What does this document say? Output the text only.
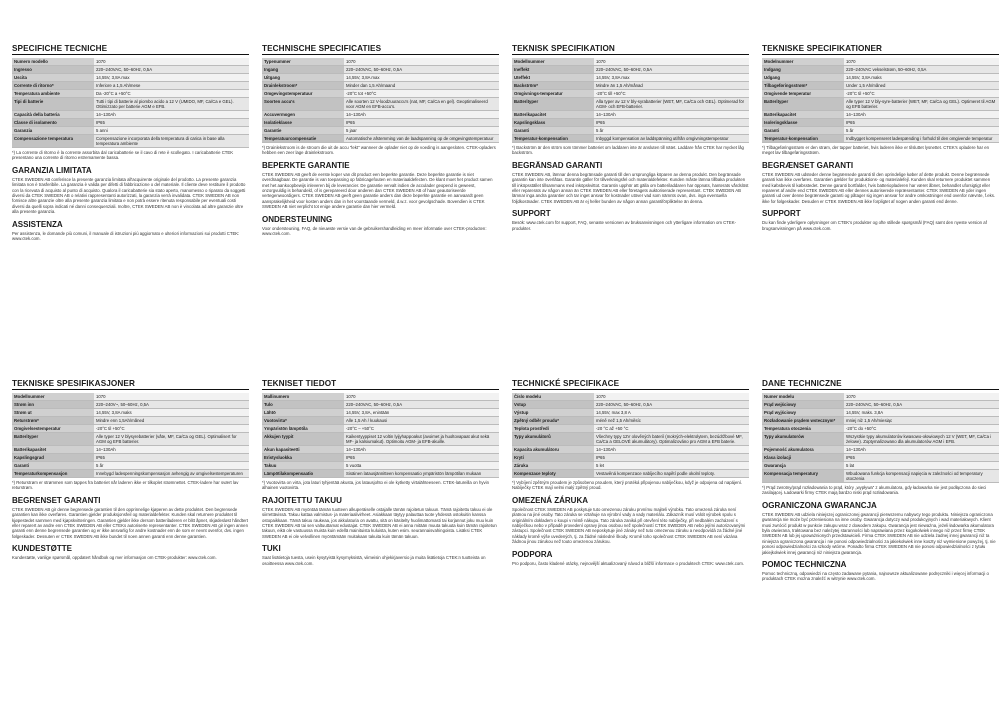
SPECIFICHE TECNICHE
Numero modello	1070
Ingresso	220–240VAC, 50–60Hz, 0,5A
Uscita	14,55V, 3,8A max
Corrente di ritorno*	Inferiore a 1,5 Ah/mese
Temperatura ambiente	Da -20°C a +50°C
Tipi di batterie	Tutti i tipi di batterie al piombo acido a 12 V (UMIDO, MF, Ca/Ca e GEL). Ottimizzato per batterie AGM e EFB.
Capacità della batteria	14–130Ah
Classe di isolamento	IP65
Garanzia	5 anni
Compensazione temperatura	Compensazione incorporata della temperatura di carica in base alla temperatura ambiente

*) La corrente di ritorno è la corrente assorbita dal caricabatterie se il cavo di rete è scollegato. I caricabatterie CTEK presentano una corrente di ritorno estremamente bassa.

GARANZIA LIMITATA

CTEK SWEDEN AB conferisce la presente garanzia limitata all'acquirente originale del prodotto. La presente garanzia limitata non è trasferibile. La garanzia è valida per difetti di fabbricazione o del materiale. Il cliente deve restituire il prodotto con la ricevuta di acquisto al punto di acquisto. Qualora il caricabatterie sia stato aperto, manomesso o riparato da soggetti diversi da CTEK SWEDEN AB o relativi rappresentanti autorizzati, la garanzia verrà invalidata. CTEK SWEDEN AB non fornisce altre garanzie oltre alla presente garanzia limitata e non potrà essere ritenuta responsabile per eventuali costi diversi da quelli sopra indicati né danni consequenziali. Inoltre, CTEK SWEDEN AB non è vincolata ad altre garanzie oltre alla presente garanzia.

ASSISTENZA

Per assistenza, le domande più comuni, il manuale di istruzioni più aggiornato e ulteriori informazioni sui prodotti CTEK: www.ctek.com.

TECHNISCHE SPECIFICATIES
Typenummer	1070
Ingang	220–240VAC, 50–60Hz, 0,5A
Uitgang	14,55V, 3,8A max
Drainlekstroom*	Minder dan 1,5 Ah/maand
Omgevingstemperatuur	-20°C tot +50°C
Soorten accu's	Alle soorten 12 V-loodzuuraccu's (nat, MF, Ca/Ca en gel). Geoptimaliseerd voor AGM en EFB-accu's.
Accuvermogen	14–130Ah
Isolatieklasse	IP65
Garantie	5 jaar
Temperatuurcompensatie	Automatische afstemming van de laadspanning op de omgevingstemperatuur

*) Drainlekstroom is de stroom die uit de accu "lekt" wanneer de oplader niet op de voeding is aangesloten. CTEK-opladers hebben een zeer lage drainlekstroom.

BEPERKTE GARANTIE

CTEK SWEDEN AB geeft de eerste koper van dit product een beperkte garantie. Deze beperkte garantie is niet overdraagbaar. De garantie is van toepassing op fabricagefouten en materiaaldefecten. De klant moet het product samen met het aankoopbewijs inleveren bij de leverancier. De garantie vervalt indien de acculader geopend is geweest, onzorgvuldig is behandeld, of is gerepareerd door anderen dan CTEK SWEDEN AB of haar geautoriseerde vertegenwoordigers. CTEK SWEDEN AB geeft geen garantie anders dan deze beperkte garantie en aanvaardt geen aansprakelijkheid voor kosten anders dan in het voorstaande vermeld, d.w.z. voor gevolgschade. Bovendien is CTEK SWEDEN AB niet verplicht tot enige andere garantie dan hier vermeld.

ONDERSTEUNING

Voor ondersteuning, FAQ, de nieuwste versie van de gebruikershandleiding en meer informatie over CTEK-producten: www.ctek.com.

TEKNISK SPECIFIKATION
Modellnummer	1070
Ineffekt	220–240VAC, 50–60Hz, 0,5A
Uteffekt	14,55V, 3,8A max
Backström*	Mindre än 1,5 Ah/månad
Omgivnings-temperatur	-20°C till +50°C
Batterityper	Alla typer av 12 V bly-syrabatterier (WET, MF, Ca/Ca och GEL). Optimerad för AGM- och EFB-batterier.
Batterikapacitet	14–130Ah
Kapslingsklass	IP65
Garanti	5 år
Temperatur-kompensation	Inbyggd kompensation av laddspänning utifrån omgivningstemperatur

*) Backström är den ström som tömmer batteriet om laddaren inte är ansluten till nätet. Laddare från CTEK har mycket låg backström.

BEGRÄNSAD GARANTI

CTEK SWEDEN AB, lämnar denna begränsade garanti till den ursprungliga köparen av denna produkt. Den begränsade garantin kan inte överlåtas. Garantin gäller för tillverkningsfel och materialdefekter. Kunden måste lämna tillbaka produkten till inköpsstället tillsammans med inköpskvittot. Garantin upphör att gälla om batteriladdaren har öppnats, hanterats vårdslöst eller reparerats av någon annan än CTEK SWEDEN AB eller företagets auktoriserade representant. CTEK SWEDEN AB lämnar inga andra garantier och tar inget ansvar för kostnader utöver vad som nämnts ovan, dvs. inga eventuella följdkostnader. CTEK SWEDEN AB är ej heller bunden av någon annan garantiförpliktelse än denna.

SUPPORT

Besök: www.ctek.com för support, FAQ, senaste versionen av bruksanvisningen och ytterligare information om CTEK-produkter.

TEKNISKE SPECIFIKATIONER
Modelnummer	1070
Indgang	220–240VAC vekselstrøm, 50–60Hz, 0,5A
Udgang	14,55V, 3,8A maks
Tilbageføringsstrøm*	Under 1,5 Ah/måned
Omgivende temperatur	-20°C til +50°C
Batterityper	Alle typer 12 V bly-syre-batterier (WET, MF, Ca/Ca og GEL). Optimeret til AGM og EFB batterier.
Batterikapacitet	14–130Ah
Isoleringsklasse	IP65
Garanti	5 år
Temperatur-kompensation	Indbygget kompenseret ladespænding i forhold til den omgivende temperatur

*) Tilbageføringsstrøm er den strøm, der tapper batteriet, hvis laderen ikke er tilsluttet lysnettet. CTEK's opladere har en meget lav tilbageføringsstrøm.

BEGRÆNSET GARANTI

CTEK SWEDEN AB udsteder denne begrænsede garanti til den oprindelige køber af dette produkt. Denne begrænsede garanti kan ikke overføres. Garantien gælder for produktions- og materialefejl. Kunden skal returnere produktet sammen med købsbevis til købsstedet. Denne garanti bortfalder, hvis batteriopladeren har været åbnet, behandlet uforsigtigt eller repareret af andre end CTEK SWEDEN AB eller dennes autoriserede repræsentanter. CTEK SWEDEN AB yder ingen garanti ud over denne begrænsede garanti og påtager sig ingen ansvar for andre omkostninger end ovenfor nævnte, f.eks. ikke for følgeskader. Desuden er CTEK SWEDEN AB ikke forpligtet af nogen anden garanti end denne.

SUPPORT

Du kan finde yderligere oplysninger om CTEK's produkter og ofte stillede spørgsmål (FAQ) samt den nyeste version af brugsanvisningen på www.ctek.com.

TEKNISKE SPESIFIKASJONER
Modellnummer	1070
Strøm inn	220–240V~, 50–60Hz, 0,5A
Strøm ut	14,55V, 3,8A maks
Returstrøm*	Mindre enn 1,5Ah/måned
Omgivelsestemperatur	-20°C til +50°C
Batterityper	Alle typer 12 V blysyrebatterier (våte, MF, Ca/Ca og GEL). Optimalisert for AGM og EFB batterier.
Batterikapasitet	14–130Ah
Kapslingsgrad	IP65
Garanti	5 år
Temperaturkompensasjon	Innebygd ladespenningskompensasjon avhengig av omgivelsestemperaturen

*) Returstrøm er strømmen som tappes fra batteriet når laderen ikke er tilkoplet strømnettet. CTEK-ladere har svært lav returstrøm.

BEGRENSET GARANTI

CTEK SWEDEN AB gir denne begrensede garantien til den opprinnelige kjøperen av dette produktet. Den begrensede garantien kan ikke overføres. Garantien gjelder produksjonsfeil og materialdefekter. Kunden skal returnere produktet til kjøpestedet sammen med kjøpskvitteringen. Garantien gjelder ikke dersom batteriladeren er blitt åpnet, skjødesløst håndtert eller reparert av andre enn CTEK SWEDEN AB eller CTEKs autoriserte representanter. CTEK SWEDEN AB gir ingen annen garanti enn denne begrensede garantien og er ikke ansvarlig for andre kostnader enn de som er nevnt ovenfor, dvs. ingen følgeskader. Dessuten er CTEK SWEDEN AB ikke bundet til noen annen garanti enn denne garantien.

KUNDESTØTTE

Kundestøtte, vanlige spørsmål, oppdatert håndbok og mer informasjon om CTEK-produkter: www.ctek.com.

TEKNISET TIEDOT
Mallinumero	1070
Tulo	220–240VAC, 50–60Hz, 0,5A
Lähtö	14,55V, 3,8A, enintään
Vuotovirta*	Alle 1,5 Ah / kuukausi
Ympäristön lämpötila	-20°C – +50°C
Akkujen tyypit	Kaikentyyppiset 12 voltin lyijyhappoakut (avoimet ja huoltovapaat akut sekä MF- ja kalsiumakut). Optimoitu AGM- ja EFB-akuille.
Akun kapasiteetti	14–130Ah
Eristysluokka	IP65
Takuu	5 vuotta
Lämpötilakompensaatio	Sisäinen latausjännitteen kompensaatio ympäristön lämpötilan mukaan

*) Vuotovirta on virta, jota laturi tyhjentää akusta, jos latausjohto ei ole kytketty virtalähteeseen. CTEK-latureilla on hyvin alhainen vuotovirta.

RAJOITETTU TAKUU

CTEK SWEDEN AB myöntää tämän tuotteen alkuperäiselle ostajalle tämän rajoitetun takuun. Tämä rajoitettu takuu ei ole siirrettävissä. Takuu kattaa valmistus- ja materiaalivirheet. Asiakkaan täytyy palauttaa tuote yhdessä ostokuitin kanssa ostopaikkaan. Tämä takuu raukeaa, jos akkulaturia on avattu, sitä on käsitelty huolimattomasti tai korjannut joku muu kuin CTEK SWEDEN AB tai sen valtuuttamat edustajat. CTEK SWEDEN AB ei anna mitään muuta takuuta kuin tämän rajoitetun takuun, eikä ole vastuussa muista kuin edellä mainituista kuluista, kuten esim. seurannaisvahingoista. Lisäksi CTEK SWEDEN AB ei ole velvollinen myöntämään muitakaan takuita kuin tämän takuun.

TUKI

Saat lisätietoja tuesta, usein kysytyistä kysymyksistä, viimeisin ohjekirjaversio ja muita lisätietoja CTEK:n tuotteista on osoitteessa www.ctek.com.

TECHNICKÉ SPECIFIKACE
Číslo modelu	1070
Vstup	220–240VAC, 50–60Hz, 0,5A
Výstup	14,55V, max 3,8 A
Zpětný odběr proudu*	méně než 1,5 Ah/měsíc
Teplota prostředí	-20 °C až +50 °C
Typy akumulátorů	Všechny typy 12V olověných baterií (mokrých-elektrolytem, bezúdržbové MF, Ca/Ca a GELOVÉ akumulátory). Optimalizováno pro AGM a EFB baterie.
Kapacita akumulátoru	14–130Ah
Krytí	IP65
Záruka	5 let
Kompenzace teploty	Vestavěná kompenzace nabíjecího napětí podle okolní teploty.

*) Vybíjení zpětným proudem je způsobeno proudem, který protéká připojenou nabíječkou, když je odpojena od napájení. Nabíječky CTEK mají velmi malý zpětný proud.

OMEZENÁ ZÁRUKA

Společnost CTEK SWEDEN AB poskytuje tuto omezenou záruku prvnímu majiteli výrobku. Tato omezená záruka není platnou na jiné osoby. Tato záruka se vztahuje na výrobní vady a vady materiálu. Zákazník musí vrátit výrobek spolu s originálním dokladem o koupi v místě nákupu. Tato záruka zaniká při otevření této nabíječky, při nedbalém zacházení s nabíječkou nebo v případě provedení opravy jinou osobou než společností CTEK SWEDEN AB nebo jejími autorizovanými zástupci. Společnost CTEK SWEDEN AB neposkytuje jiné záruky než tuto omezenou záruku a neodpovídá za žádné jiné náklady kromě výše uvedených, tj. za žádné následné škody. Kromě toho společnost CTEK SWEDEN AB není vázána žádnou jinou zárukou než touto omezenou zárukou.

PODPORA

Pro podporu, často kladené otázky, nejnovější aktualizovaný návod a bližší informace o produktech CTEK: www.ctek.com.

DANE TECHNICZNE
Numer modelu	1070
Prąd wejściowy	220–240VAC, 50–60Hz, 0,5A
Prąd wyjściowy	14,55V, maks. 3,8A
Rozładowanie prądem wstecznym*	mniej niż 1,5 Ah/miesiąc
Temperatura otoczenia	-20°C do +50°C
Typy akumulatorów	Wszystkie typy akumulatorów kwasowo-ołowiowych 12 V (WET, MF, Ca/Ca i żelowe). Zoptymalizowano dla akumulatorów AGM i EFB.
Pojemność akumulatora	14–130Ah
Klasa izolacji	IP65
Gwarancja	5 lat
Kompensacja temperatury	Wbudowana funkcja kompensacji napięcia w zależności od temperatury otoczenia

*) Prąd zwrotny/prąd rozładowania to prąd, który „wypływa” z akumulatora, gdy ładowarka nie jest podłączona do sieci zasilającej. Ładowarki firmy CTEK mają bardzo niski prąd rozładowania.

OGRANICZONA GWARANCJA

CTEK SWEDEN AB udziela niniejszej ograniczonej gwarancji pierwszemu nabywcy tego produktu. Niniejsza ograniczona gwarancja nie może być przeniesiona na inne osoby. Gwarancja dotyczy wad produkcyjnych i wad materiałowych. Klient musi zwrócić produkt w punkcie zakupu wraz z dowodem zakupu. Gwarancja jest nieważna, jeżeli ładowarka akumulatora była otwierana, traktowana bez należytej staranności lub naprawiana przez kogokolwiek innego niż przez firmę CTEK SWEDEN AB lub jej upoważnionych przedstawicieli. Firma CTEK SWEDEN AB nie udziela żadnej innej gwarancji niż ta niniejsza ograniczona gwarancja i nie ponosi odpowiedzialności za jakiekolwiek inne koszty niż wymienione powyżej, tj. nie ponosi odpowiedzialności za szkody wtórne. Ponadto firma CTEK SWEDEN AB nie ponosi odpowiedzialności z tytułu jakiejkolwiek innej gwarancji niż niniejsza gwarancja.

POMOC TECHNICZNA

Pomoc techniczną, odpowiedzi na często zadawane pytania, najnowsze aktualizowane podręczniki i więcej informacji o produktach CTEK można znaleźć w witrynie www.ctek.com.
